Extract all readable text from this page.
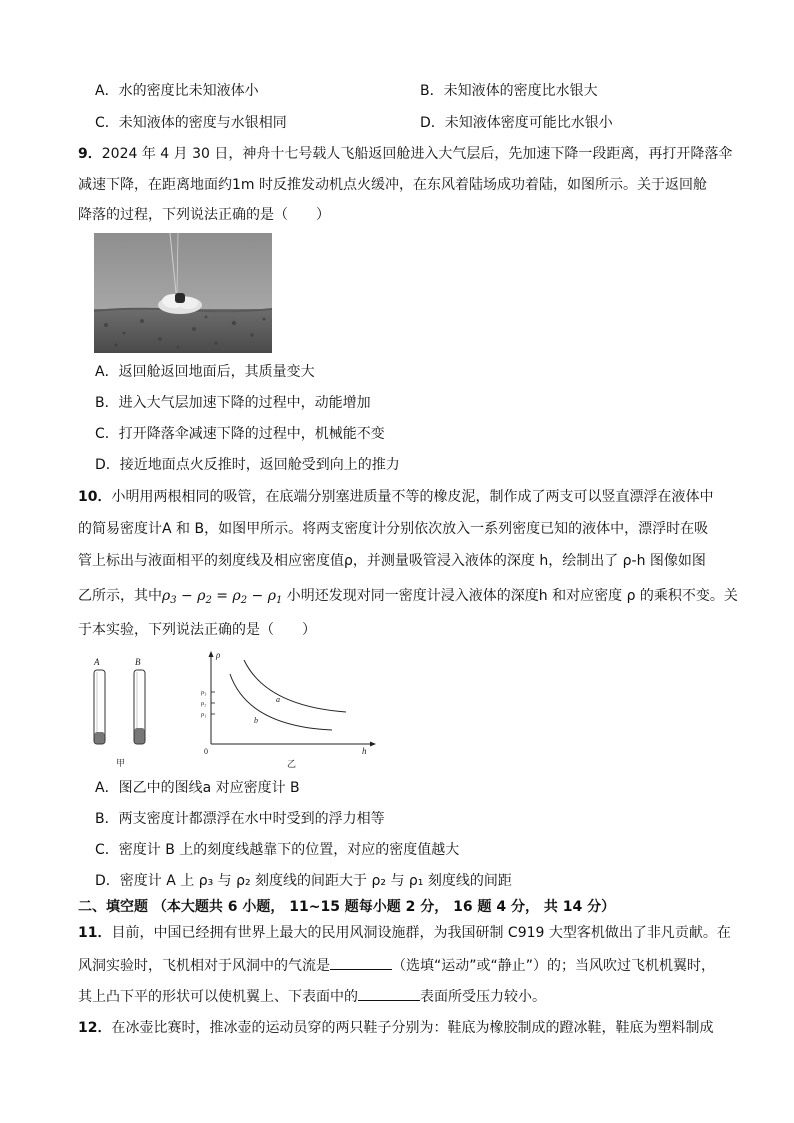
A．水的密度比未知液体小	B．未知液体的密度比水银大
C．未知液体的密度与水银相同	D．未知液体密度可能比水银小
9．2024 年 4 月 30 日，神舟十七号载人飞船返回舱进入大气层后，先加速下降一段距离，再打开降落伞
减速下降，在距离地面约1m 时反推发动机点火缓冲，在东风着陆场成功着陆，如图所示。关于返回舱
降落的过程，下列说法正确的是（　　）
A．返回舱返回地面后，其质量变大
B．进入大气层加速下降的过程中，动能增加
C．打开降落伞减速下降的过程中，机械能不变
D．接近地面点火反推时，返回舱受到向上的推力
10．小明用两根相同的吸管，在底端分别塞进质量不等的橡皮泥，制作成了两支可以竖直漂浮在液体中
的简易密度计A 和 B，如图甲所示。将两支密度计分别依次放入一系列密度已知的液体中，漂浮时在吸
管上标出与液面相平的刻度线及相应密度值ρ，并测量吸管浸入液体的深度 h，绘制出了 ρ-h 图像如图
乙所示，其中$\rho_3 - \rho_2 = \rho_2 - \rho_1$ 小明还发现对同一密度计浸入液体的深度h 和对应密度 ρ 的乘积不变。关
于本实验，下列说法正确的是（　　）
A	B
甲
ρ
h
0
ρ₃
ρ₂
ρ₁
a
b
乙
A．图乙中的图线a 对应密度计 B
B．两支密度计都漂浮在水中时受到的浮力相等
C．密度计 B 上的刻度线越靠下的位置，对应的密度值越大
D．密度计 A 上 ρ₃ 与 ρ₂ 刻度线的间距大于 ρ₂ 与 ρ₁ 刻度线的间距
二、填空题 （本大题共 6 小题， 11~15 题每小题 2 分， 16 题 4 分， 共 14 分）
11．目前，中国已经拥有世界上最大的民用风洞设施群，为我国研制 C919 大型客机做出了非凡贡献。在
风洞实验时，飞机相对于风洞中的气流是	（选填“运动”或“静止”）的；当风吹过飞机机翼时，
其上凸下平的形状可以使机翼上、下表面中的	表面所受压力较小。
12．在冰壶比赛时，推冰壶的运动员穿的两只鞋子分别为：鞋底为橡胶制成的蹬冰鞋，鞋底为塑料制成
